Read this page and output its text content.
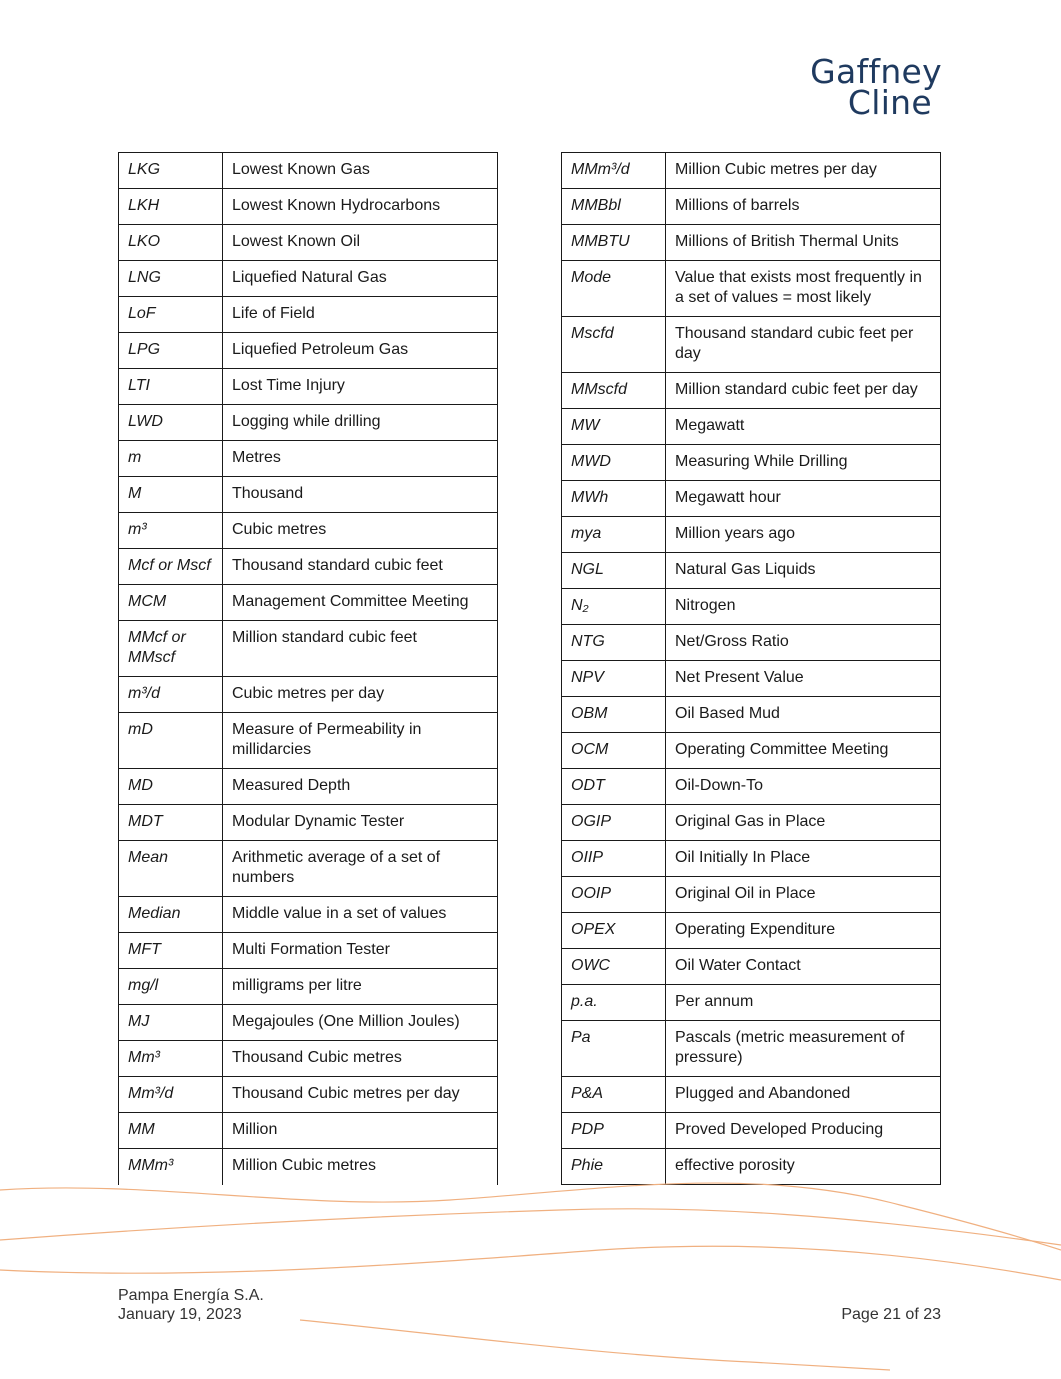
Gaffney
Cline
LKG	Lowest Known Gas
LKH	Lowest Known Hydrocarbons
LKO	Lowest Known Oil
LNG	Liquefied Natural Gas
LoF	Life of Field
LPG	Liquefied Petroleum Gas
LTI	Lost Time Injury
LWD	Logging while drilling
m	Metres
M	Thousand
m³	Cubic metres
Mcf or Mscf	Thousand standard cubic feet
MCM	Management Committee Meeting
MMcf or MMscf	Million standard cubic feet
m³/d	Cubic metres per day
mD	Measure of Permeability in millidarcies
MD	Measured Depth
MDT	Modular Dynamic Tester
Mean	Arithmetic average of a set of numbers
Median	Middle value in a set of values
MFT	Multi Formation Tester
mg/l	milligrams per litre
MJ	Megajoules (One Million Joules)
Mm³	Thousand Cubic metres
Mm³/d	Thousand Cubic metres per day
MM	Million
MMm³	Million Cubic metres
MMm³/d	Million Cubic metres per day
MMBbl	Millions of barrels
MMBTU	Millions of British Thermal Units
Mode	Value that exists most frequently in a set of values = most likely
Mscfd	Thousand standard cubic feet per day
MMscfd	Million standard cubic feet per day
MW	Megawatt
MWD	Measuring While Drilling
MWh	Megawatt hour
mya	Million years ago
NGL	Natural Gas Liquids
N₂	Nitrogen
NTG	Net/Gross Ratio
NPV	Net Present Value
OBM	Oil Based Mud
OCM	Operating Committee Meeting
ODT	Oil-Down-To
OGIP	Original Gas in Place
OIIP	Oil Initially In Place
OOIP	Original Oil in Place
OPEX	Operating Expenditure
OWC	Oil Water Contact
p.a.	Per annum
Pa	Pascals (metric measurement of pressure)
P&A	Plugged and Abandoned
PDP	Proved Developed Producing
Phie	effective porosity
Pampa Energía S.A.
January 19, 2023	Page 21 of 23
